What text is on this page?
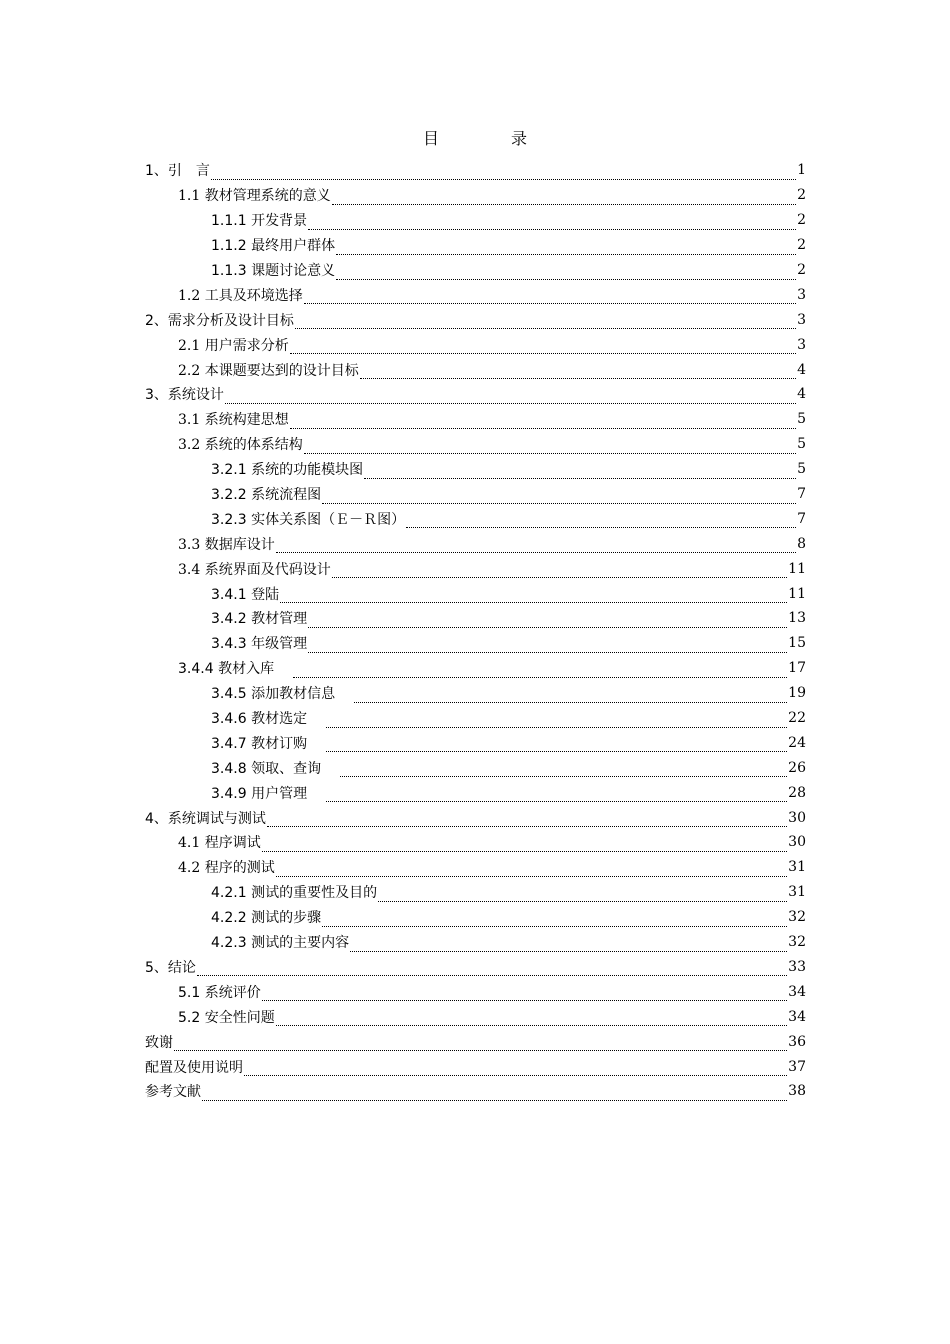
目　录
1、引　言	1
1.1 教材管理系统的意义	2
1.1.1 开发背景	2
1.1.2 最终用户群体	2
1.1.3 课题讨论意义	2
1.2 工具及环境选择	3
2、需求分析及设计目标	3
2.1 用户需求分析	3
2.2 本课题要达到的设计目标	4
3、系统设计	4
3.1 系统构建思想	5
3.2 系统的体系结构	5
3.2.1 系统的功能模块图	5
3.2.2 系统流程图	7
3.2.3 实体关系图（Ｅ－Ｒ图）	7
3.3 数据库设计	8
3.4 系统界面及代码设计	11
3.4.1 登陆	11
3.4.2 教材管理	13
3.4.3 年级管理	15
3.4.4 教材入库	17
3.4.5 添加教材信息	19
3.4.6 教材选定	22
3.4.7 教材订购	24
3.4.8 领取、查询	26
3.4.9 用户管理	28
4、系统调试与测试	30
4.1 程序调试	30
4.2 程序的测试	31
4.2.1 测试的重要性及目的	31
4.2.2 测试的步骤	32
4.2.3 测试的主要内容	32
5、结论	33
5.1 系统评价	34
5.2 安全性问题	34
致谢	36
配置及使用说明	37
参考文献	38
